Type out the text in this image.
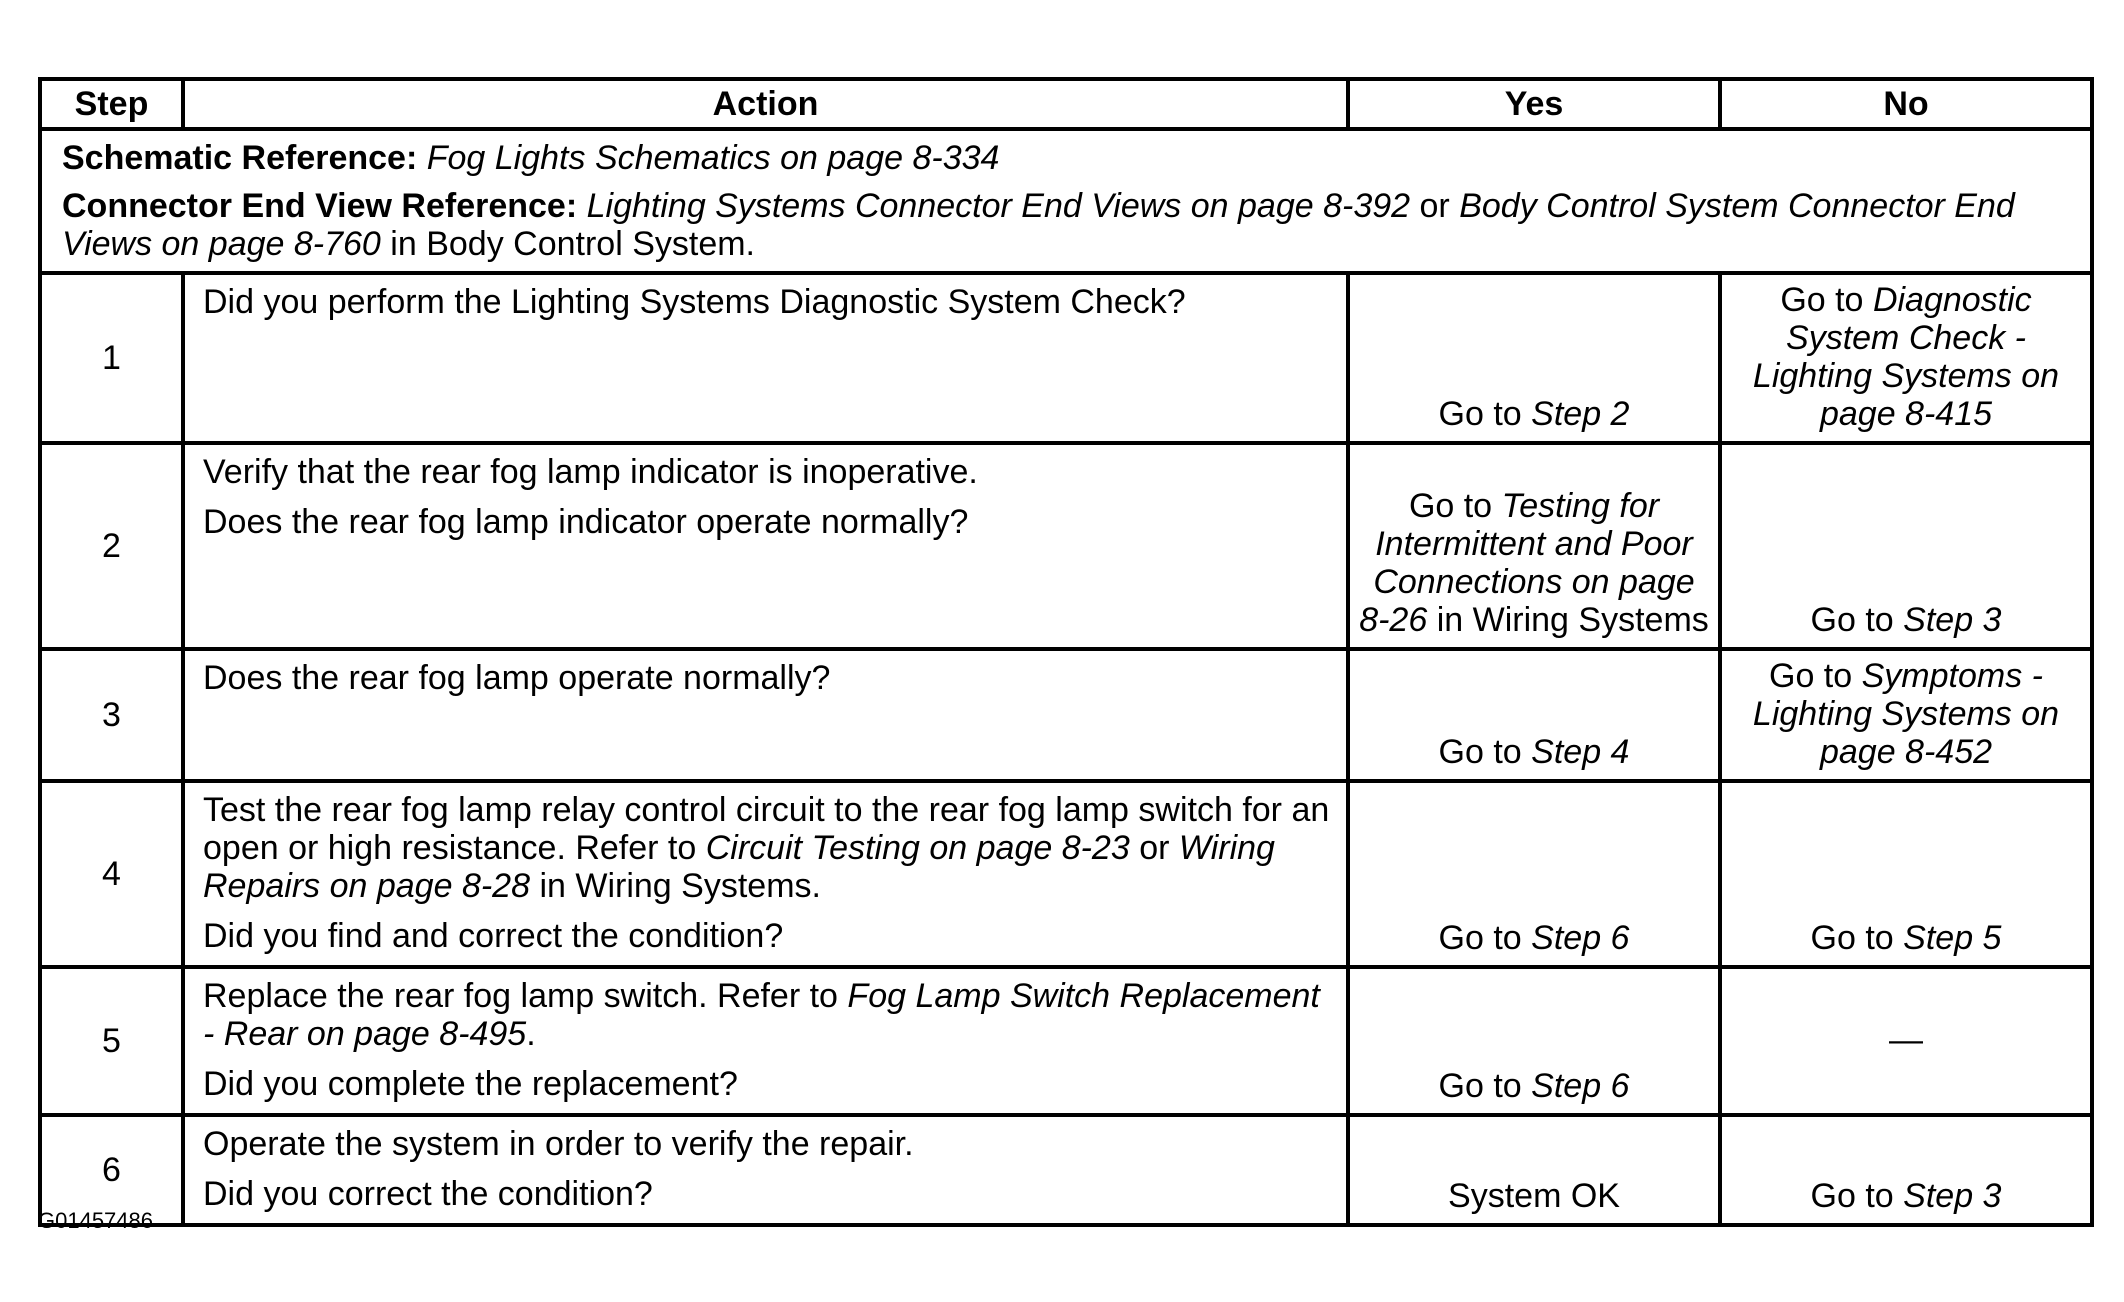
Step	Action	Yes	No

Schematic Reference: Fog Lights Schematics on page 8-334

Connector End View Reference: Lighting Systems Connector End Views on page 8-392 or Body Control System Connector End Views on page 8-760 in Body Control System.			

1	Did you perform the Lighting Systems Diagnostic System Check?	Go to Step 2	Go to Diagnostic System Check - Lighting Systems on page 8-415
2	Verify that the rear fog lamp indicator is inoperative.

Does the rear fog lamp indicator operate normally?	Go to Testing for Intermittent and Poor Connections on page 8-26 in Wiring Systems	Go to Step 3
3	Does the rear fog lamp operate normally?	Go to Step 4	Go to Symptoms - Lighting Systems on page 8-452
4	Test the rear fog lamp relay control circuit to the rear fog lamp switch for an open or high resistance. Refer to Circuit Testing on page 8-23 or Wiring Repairs on page 8-28 in Wiring Systems.

Did you find and correct the condition?	Go to Step 6	Go to Step 5
5	Replace the rear fog lamp switch. Refer to Fog Lamp Switch Replacement - Rear on page 8-495.

Did you complete the replacement?	Go to Step 6	—
6	Operate the system in order to verify the repair.

Did you correct the condition?	System OK	Go to Step 3
G01457486
